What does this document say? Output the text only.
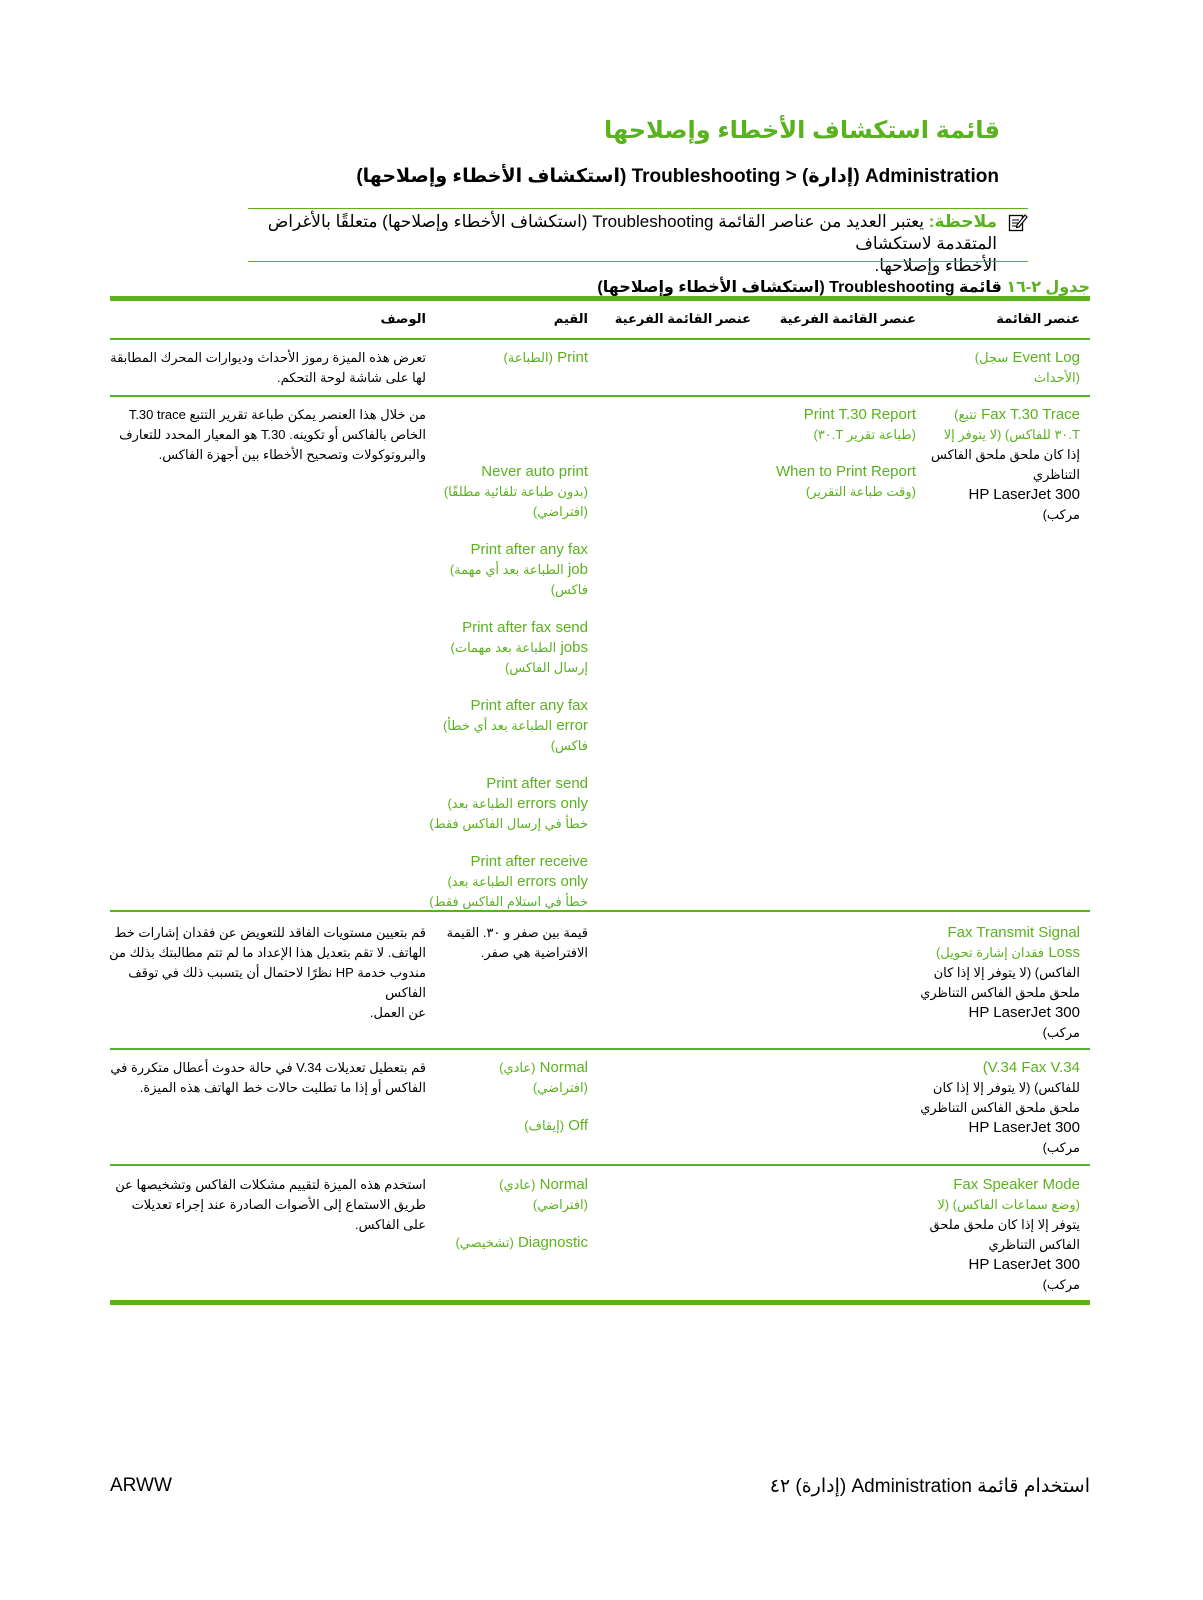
قائمة استكشاف الأخطاء وإصلاحها
Administration (إدارة) < Troubleshooting (استكشاف الأخطاء وإصلاحها)
ملاحظة: يعتبر العديد من عناصر القائمة Troubleshooting (استكشاف الأخطاء وإصلاحها) متعلقًا بالأغراض المتقدمة لاستكشاف
الأخطاء وإصلاحها.
جدول ٢-١٦ قائمة Troubleshooting (استكشاف الأخطاء وإصلاحها)
عنصر القائمة
عنصر القائمة الفرعية
عنصر القائمة الفرعية
القيم
الوصف
(سجل Event Log
الأحداث)
(الطباعة) Print
تعرض هذه الميزة رموز الأحداث وديوارات المحرك المطابقة
لها على شاشة لوحة التحكم.
(تتبع Fax T.30 Trace
T.٣٠ للفاكس) (لا يتوفر إلا
إذا كان ملحق ملحق الفاكس
التناظري
HP LaserJet 300
مركب)
Print T.30 Report
(طباعة تقرير T.٣٠)
When to Print Report
(وقت طباعة التقرير)
Never auto print
(بدون طباعة تلقائية مطلقًا)
(افتراضي)
Print after any fax
(الطباعة بعد أي مهمة job
فاكس)
Print after fax send
(الطباعة بعد مهمات jobs
إرسال الفاكس)
Print after any fax
(الطباعة بعد أي خطأ error
فاكس)
Print after send
(الطباعة بعد errors only
خطأ في إرسال الفاكس فقط)
Print after receive
(الطباعة بعد errors only
خطأ في استلام الفاكس فقط)
من خلال هذا العنصر يمكن طباعة تقرير التتبع T.30 trace
الخاص بالفاكس أو تكوينه. T.30 هو المعيار المحدد للتعارف
والبروتوكولات وتصحيح الأخطاء بين أجهزة الفاكس.
Fax Transmit Signal
(فقدان إشارة تحويل Loss
الفاكس) (لا يتوفر إلا إذا كان
ملحق ملحق الفاكس التناظري
HP LaserJet 300
مركب)
قيمة بين صفر و ٣٠. القيمة
الافتراضية هي صفر.
قم بتعيين مستويات الفاقد للتعويض عن فقدان إشارات خط
الهاتف. لا تقم بتعديل هذا الإعداد ما لم تتم مطالبتك بذلك من
مندوب خدمة HP نظرًا لاحتمال أن يتسبب ذلك في توقف الفاكس
عن العمل.
(V.34 Fax V.34
للفاكس) (لا يتوفر إلا إذا كان
ملحق ملحق الفاكس التناظري
HP LaserJet 300
مركب)
(عادي) Normal
(افتراضي)
(إيقاف) Off
قم بتعطيل تعديلات V.34 في حالة حدوث أعطال متكررة في
الفاكس أو إذا ما تطلبت حالات خط الهاتف هذه الميزة.
Fax Speaker Mode
(وضع سماعات الفاكس) (لا
يتوفر إلا إذا كان ملحق ملحق
الفاكس التناظري
HP LaserJet 300
مركب)
(عادي) Normal
(افتراضي)
(تشخيصي) Diagnostic
استخدم هذه الميزة لتقييم مشكلات الفاكس وتشخيصها عن
طريق الاستماع إلى الأصوات الصادرة عند إجراء تعديلات
على الفاكس.
ARWW	استخدام قائمة Administration (إدارة) ٤٢
